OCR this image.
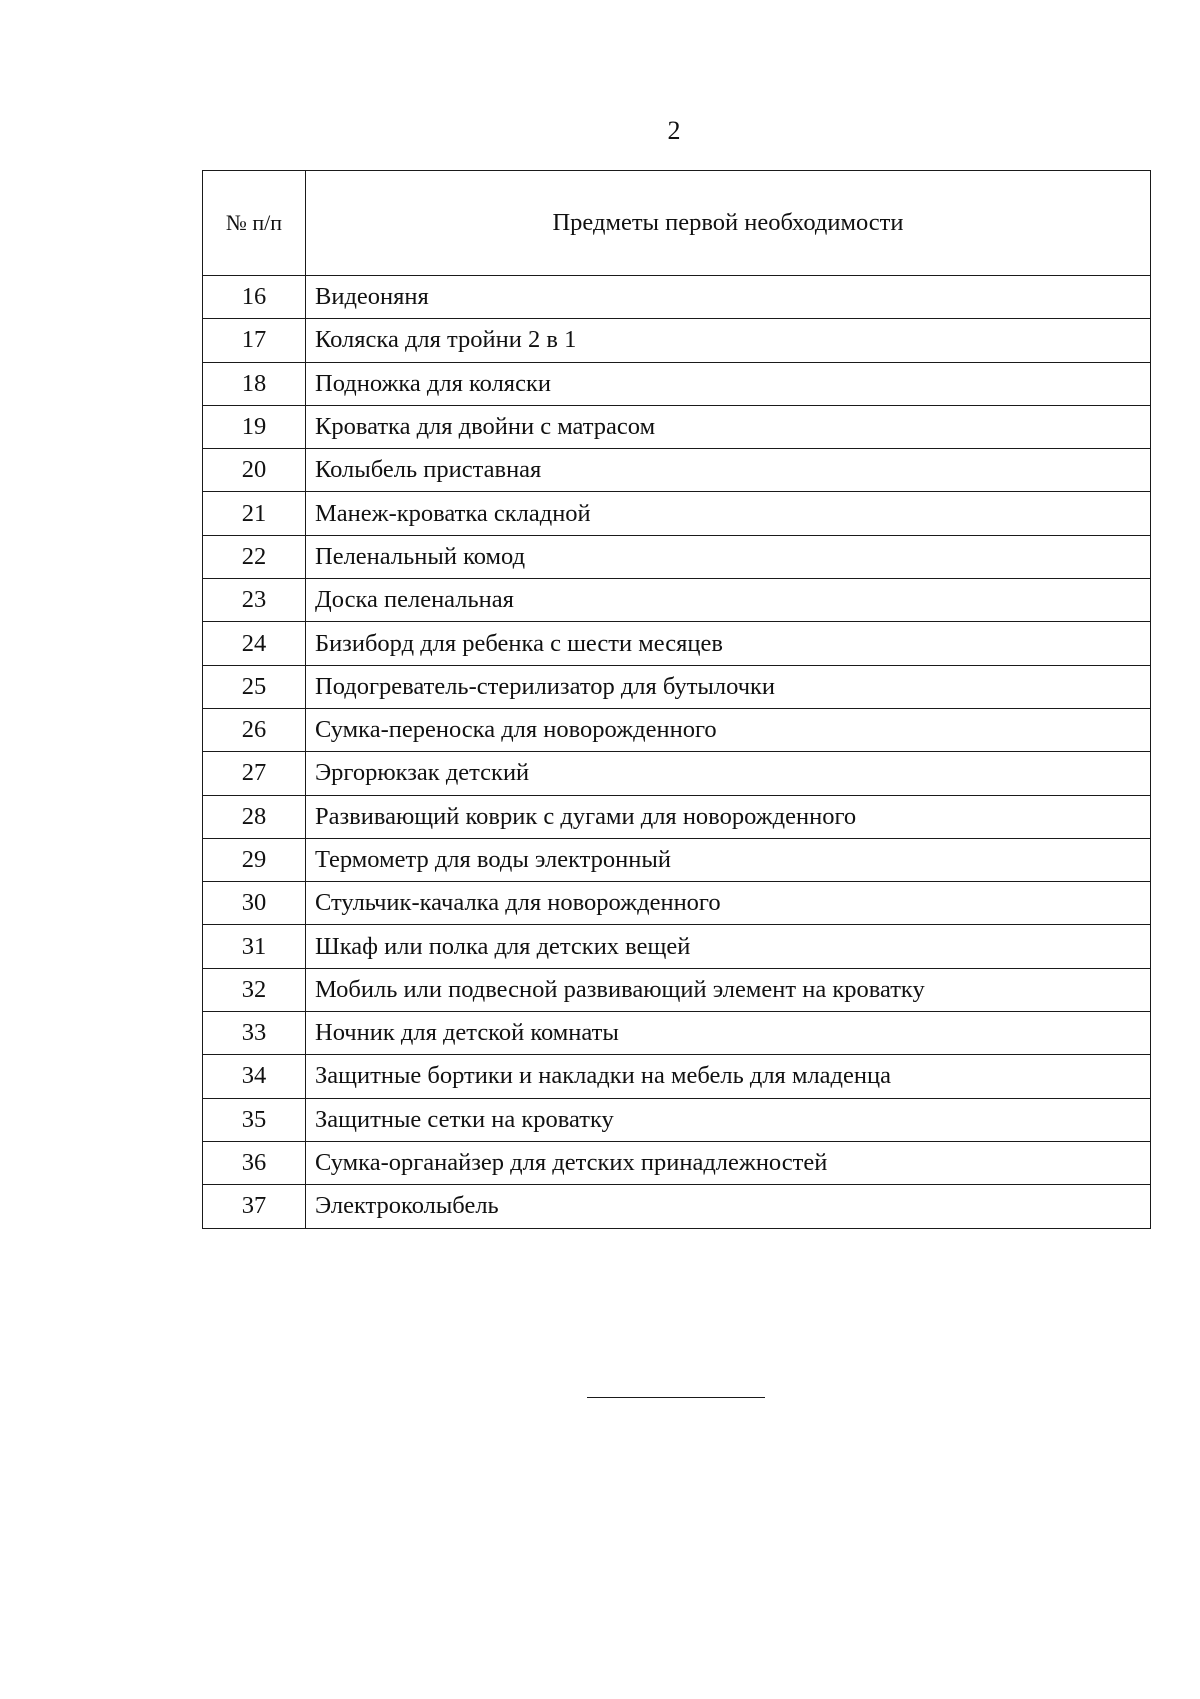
2
№ п/п	Предметы первой необходимости
16	Видеоняня
17	Коляска для тройни 2 в 1
18	Подножка для коляски
19	Кроватка для двойни с матрасом
20	Колыбель приставная
21	Манеж-кроватка складной
22	Пеленальный комод
23	Доска пеленальная
24	Бизиборд для ребенка с шести месяцев
25	Подогреватель-стерилизатор для бутылочки
26	Сумка-переноска для новорожденного
27	Эргорюкзак детский
28	Развивающий коврик с дугами для новорожденного
29	Термометр для воды электронный
30	Стульчик-качалка для новорожденного
31	Шкаф или полка для детских вещей
32	Мобиль или подвесной развивающий элемент на кроватку
33	Ночник для детской комнаты
34	Защитные бортики и накладки на мебель для младенца
35	Защитные сетки на кроватку
36	Сумка-органайзер для детских принадлежностей
37	Электроколыбель
